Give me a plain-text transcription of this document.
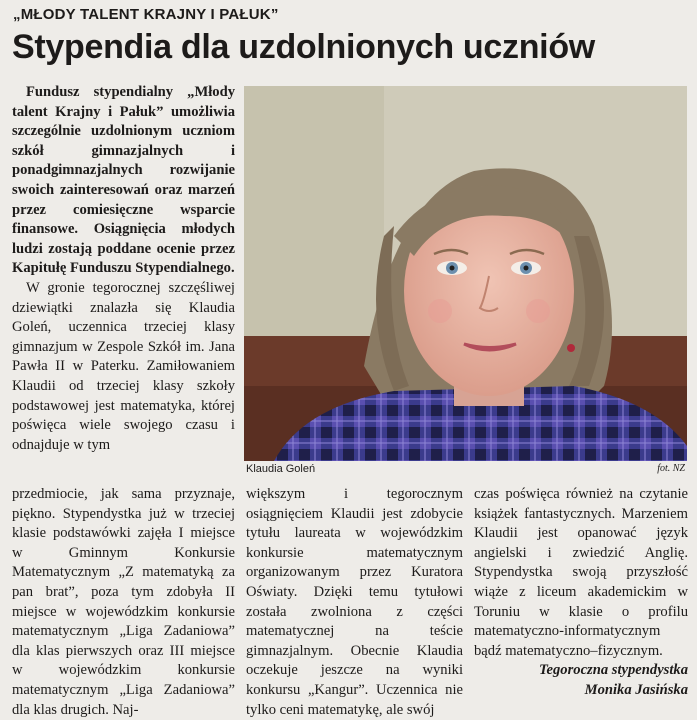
„MŁODY TALENT KRAJNY I PAŁUK”
Stypendia dla uzdolnionych uczniów

Fundusz stypendialny „Młody talent Krajny i Pałuk” umożliwia szczególnie uzdolnionym uczniom szkół gimnazjalnych i ponadgimnazjalnych rozwijanie swoich zainteresowań oraz marzeń przez comiesięczne wsparcie finansowe. Osiągnięcia młodych ludzi zostają poddane ocenie przez Kapitułę Funduszu Stypendialnego.

W gronie tegorocznej szczęśliwej dziewiątki znalazła się Klaudia Goleń, uczennica trzeciej klasy gimnazjum w Zespole Szkół im. Jana Pawła II w Paterku. Zamiłowaniem Klaudii od trzeciej klasy szkoły podstawowej jest matematyka, której poświęca wiele swojego czasu i odnajduje w tym

Klaudia Goleń	fot. NZ

przedmiocie, jak sama przyznaje, piękno. Stypendystka już w trzeciej klasie podstawówki zajęła I miejsce w Gminnym Konkursie Matematycznym „Z matematyką za pan brat”, poza tym zdobyła II miejsce w wojewódzkim konkursie matematycznym „Liga Zadaniowa” dla klas pierwszych oraz III miejsce w wojewódzkim konkursie matematycznym „Liga Zadaniowa” dla klas drugich. Naj-

większym i tegorocznym osiągnięciem Klaudii jest zdobycie tytułu laureata w wojewódzkim konkursie matematycznym organizowanym przez Kuratora Oświaty. Dzięki temu tytułowi została zwolniona z części matematycznej na teście gimnazjalnym. Obecnie Klaudia oczekuje jeszcze na wyniki konkursu „Kangur”. Uczennica nie tylko ceni matematykę, ale swój

czas poświęca również na czytanie książek fantastycznych. Marzeniem Klaudii jest opanować język angielski i zwiedzić Anglię. Stypendystka swoją przyszłość wiąże z liceum akademickim w Toruniu w klasie o profilu matematyczno-informatycznym bądź matematyczno–fizycznym.

Tegoroczna stypendystka

Monika Jasińska
